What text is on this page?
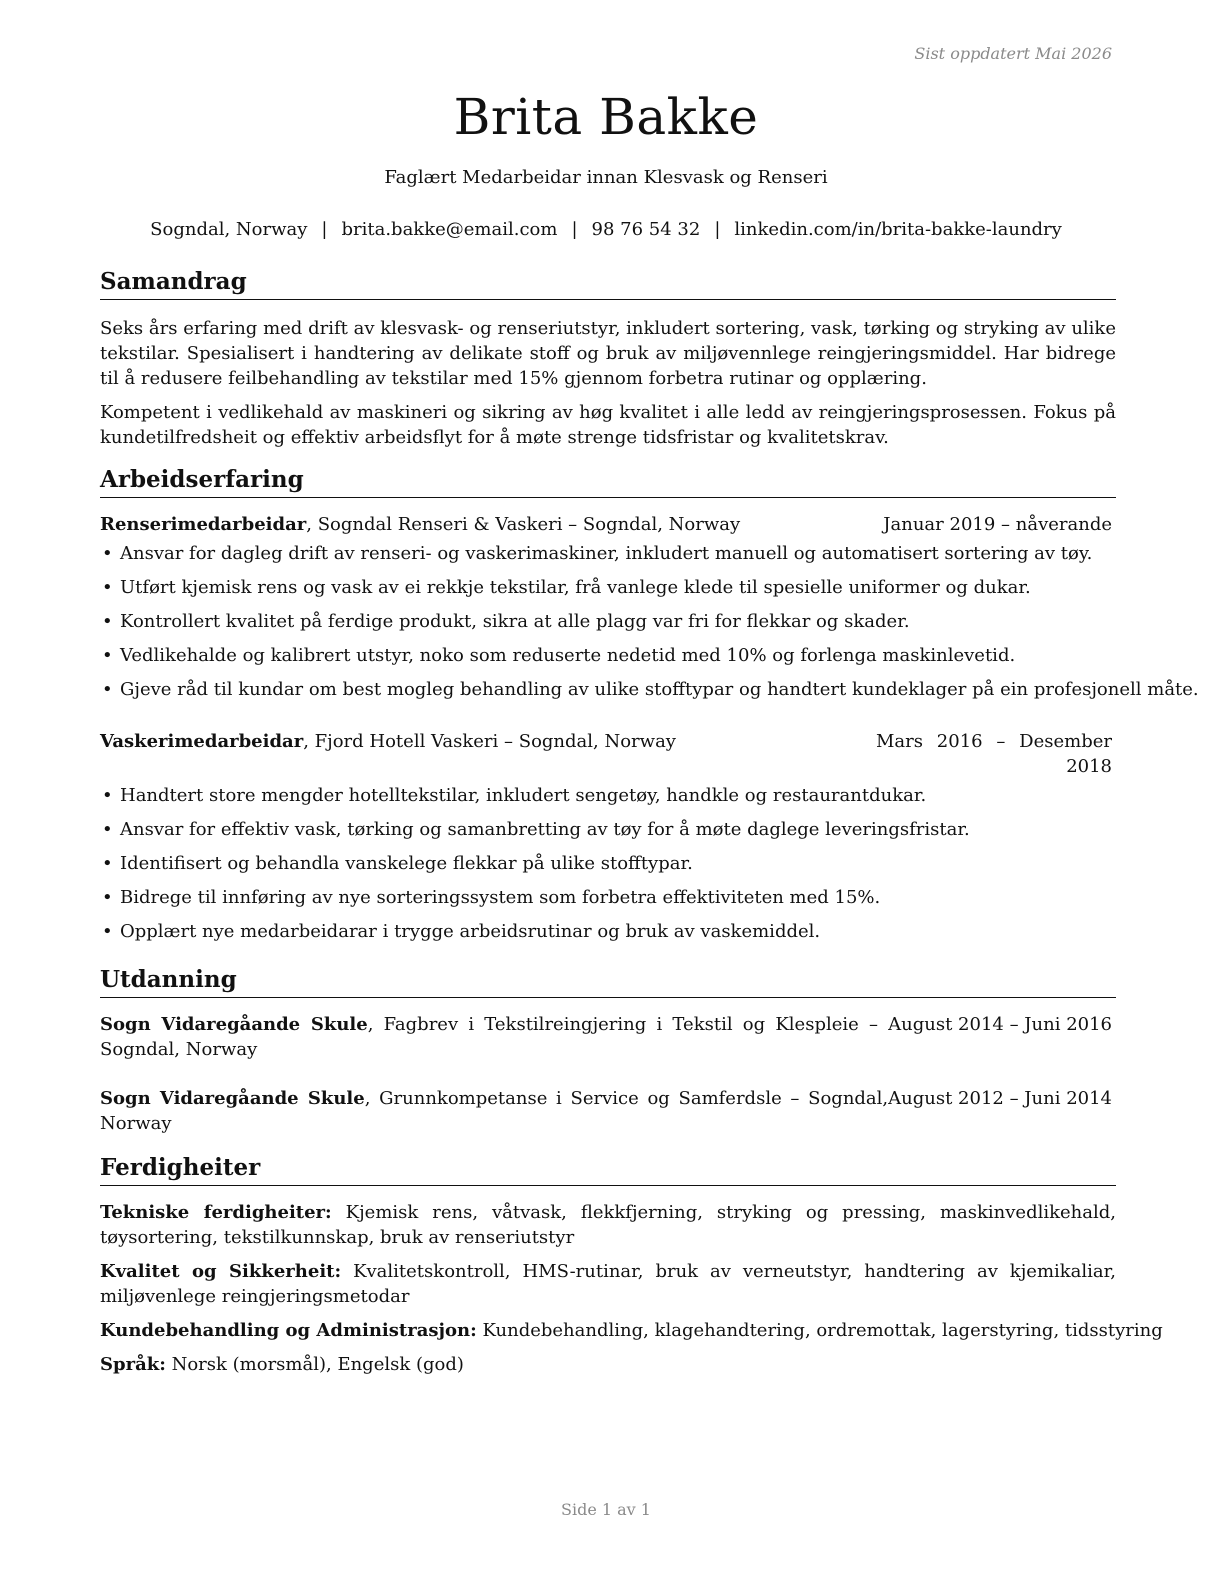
Sist oppdatert Mai 2026
Brita Bakke
Faglært Medarbeidar innan Klesvask og Renseri
Sogndal, Norway | brita.bakke@email.com | 98 76 54 32 | linkedin.com/in/brita-bakke-laundry
Samandrag

Seks års erfaring med drift av klesvask- og renseriutstyr, inkludert sortering, vask, tørking og stryking av ulike tekstilar. Spesialisert i handtering av delikate stoff og bruk av miljøvennlege reingjeringsmiddel. Har bidrege til å redusere feilbehandling av tekstilar med 15% gjennom forbetra rutinar og opplæring.

Kompetent i vedlikehald av maskineri og sikring av høg kvalitet i alle ledd av reingjeringsprosessen. Fokus på kundetilfredsheit og effektiv arbeidsflyt for å møte strenge tidsfristar og kvalitetskrav.

Arbeidserfaring
Renserimedarbeidar, Sogndal Renseri & Vaskeri – Sogndal, Norway	Januar 2019 – nåverande
• Ansvar for dagleg drift av renseri- og vaskerimaskiner, inkludert manuell og automatisert sortering av tøy.
• Utført kjemisk rens og vask av ei rekkje tekstilar, frå vanlege klede til spesielle uniformer og dukar.
• Kontrollert kvalitet på ferdige produkt, sikra at alle plagg var fri for flekkar og skader.
• Vedlikehalde og kalibrert utstyr, noko som reduserte nedetid med 10% og forlenga maskinlevetid.
• Gjeve råd til kundar om best mogleg behandling av ulike stofftypar og handtert kundeklager på ein profesjonell måte.
Vaskerimedarbeidar, Fjord Hotell Vaskeri – Sogndal, Norway	Mars 2016 – Desember 2018
• Handtert store mengder hotelltekstilar, inkludert sengetøy, handkle og restaurantdukar.
• Ansvar for effektiv vask, tørking og samanbretting av tøy for å møte daglege leveringsfristar.
• Identifisert og behandla vanskelege flekkar på ulike stofftypar.
• Bidrege til innføring av nye sorteringssystem som forbetra effektiviteten med 15%.
• Opplært nye medarbeidarar i trygge arbeidsrutinar og bruk av vaskemiddel.
Utdanning
Sogn Vidaregåande Skule, Fagbrev i Tekstilreingjering i Tekstil og Klespleie – Sogndal, Norway
August 2014 – Juni 2016
Sogn Vidaregåande Skule, Grunnkompetanse i Service og Samferdsle – Sogndal, Norway
August 2012 – Juni 2014
Ferdigheiter

Tekniske ferdigheiter: Kjemisk rens, våtvask, flekkfjerning, stryking og pressing, maskinvedlikehald, tøysortering, tekstilkunnskap, bruk av renseriutstyr

Kvalitet og Sikkerheit: Kvalitetskontroll, HMS-rutinar, bruk av verneutstyr, handtering av kjemikaliar, miljøvenlege reingjeringsmetodar

Kundebehandling og Administrasjon: Kundebehandling, klagehandtering, ordremottak, lagerstyring, tidsstyring

Språk: Norsk (morsmål), Engelsk (god)

Side 1 av 1
